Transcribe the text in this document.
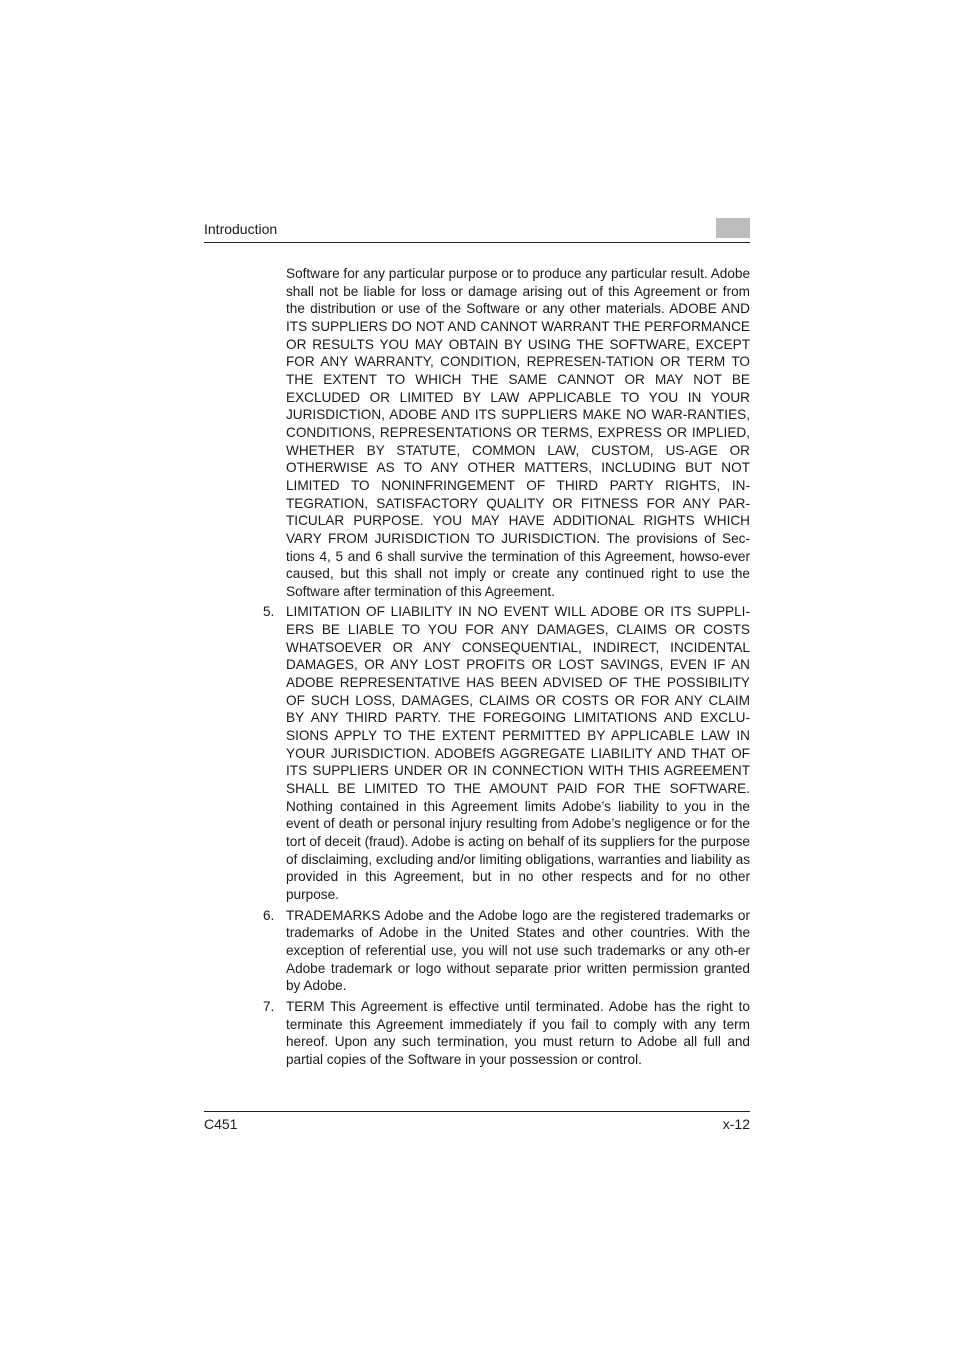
Introduction

Software for any particular purpose or to produce any particular result. Adobe shall not be liable for loss or damage arising out of this Agreement or from the distribution or use of the Software or any other materials. ADOBE AND ITS SUPPLIERS DO NOT AND CANNOT WARRANT THE PERFORMANCE OR RESULTS YOU MAY OBTAIN BY USING THE SOFTWARE, EXCEPT FOR ANY WARRANTY, CONDITION, REPRESEN-TATION OR TERM TO THE EXTENT TO WHICH THE SAME CANNOT OR MAY NOT BE EXCLUDED OR LIMITED BY LAW APPLICABLE TO YOU IN YOUR JURISDICTION, ADOBE AND ITS SUPPLIERS MAKE NO WAR-RANTIES, CONDITIONS, REPRESENTATIONS OR TERMS, EXPRESS OR IMPLIED, WHETHER BY STATUTE, COMMON LAW, CUSTOM, US-AGE OR OTHERWISE AS TO ANY OTHER MATTERS, INCLUDING BUT NOT LIMITED TO NONINFRINGEMENT OF THIRD PARTY RIGHTS, IN-TEGRATION, SATISFACTORY QUALITY OR FITNESS FOR ANY PAR-TICULAR PURPOSE. YOU MAY HAVE ADDITIONAL RIGHTS WHICH VARY FROM JURISDICTION TO JURISDICTION. The provisions of Sec-tions 4, 5 and 6 shall survive the termination of this Agreement, howso-ever caused, but this shall not imply or create any continued right to use the Software after termination of this Agreement.

5. LIMITATION OF LIABILITY IN NO EVENT WILL ADOBE OR ITS SUPPLI-ERS BE LIABLE TO YOU FOR ANY DAMAGES, CLAIMS OR COSTS WHATSOEVER OR ANY CONSEQUENTIAL, INDIRECT, INCIDENTAL DAMAGES, OR ANY LOST PROFITS OR LOST SAVINGS, EVEN IF AN ADOBE REPRESENTATIVE HAS BEEN ADVISED OF THE POSSIBILITY OF SUCH LOSS, DAMAGES, CLAIMS OR COSTS OR FOR ANY CLAIM BY ANY THIRD PARTY. THE FOREGOING LIMITATIONS AND EXCLU-SIONS APPLY TO THE EXTENT PERMITTED BY APPLICABLE LAW IN YOUR JURISDICTION. ADOBEfS AGGREGATE LIABILITY AND THAT OF ITS SUPPLIERS UNDER OR IN CONNECTION WITH THIS AGREEMENT SHALL BE LIMITED TO THE AMOUNT PAID FOR THE SOFTWARE. Nothing contained in this Agreement limits Adobe’s liability to you in the event of death or personal injury resulting from Adobe’s negligence or for the tort of deceit (fraud). Adobe is acting on behalf of its suppliers for the purpose of disclaiming, excluding and/or limiting obligations, warranties and liability as provided in this Agreement, but in no other respects and for no other purpose.
6. TRADEMARKS Adobe and the Adobe logo are the registered trademarks or trademarks of Adobe in the United States and other countries. With the exception of referential use, you will not use such trademarks or any oth-er Adobe trademark or logo without separate prior written permission granted by Adobe.
7. TERM This Agreement is effective until terminated. Adobe has the right to terminate this Agreement immediately if you fail to comply with any term hereof. Upon any such termination, you must return to Adobe all full and partial copies of the Software in your possession or control.
C451	x-12
